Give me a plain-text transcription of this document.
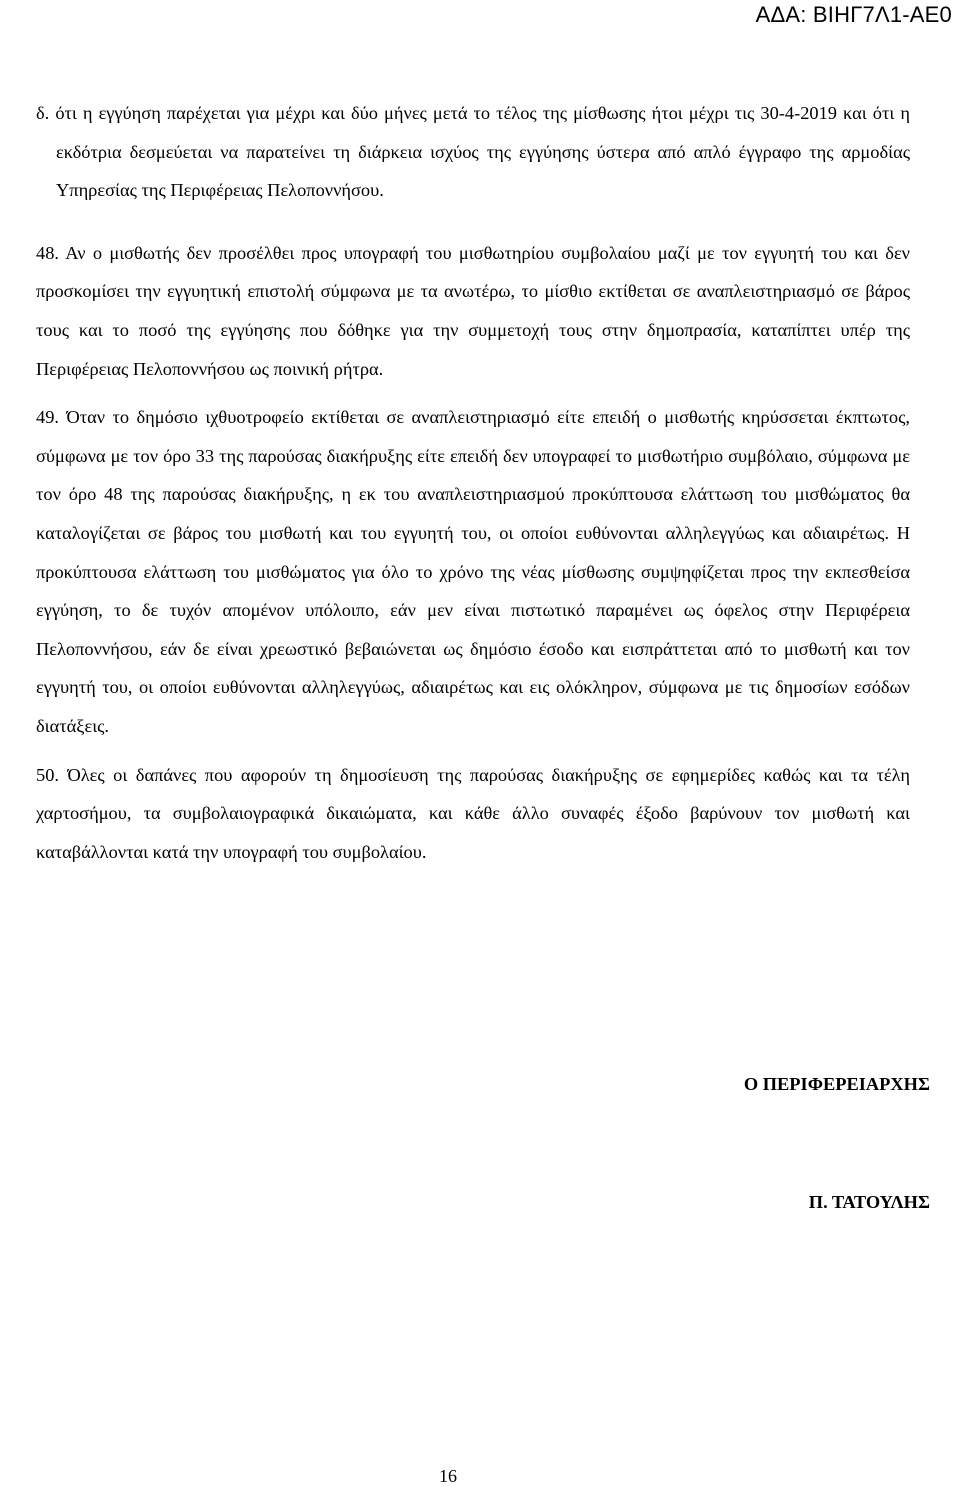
ΑΔΑ: ΒΙΗΓ7Λ1-ΑΕ0

δ. ότι η εγγύηση παρέχεται για μέχρι και δύο μήνες μετά το τέλος της μίσθωσης ήτοι μέχρι τις 30-4-2019 και ότι η εκδότρια δεσμεύεται να παρατείνει τη διάρκεια ισχύος της εγγύησης ύστερα από απλό έγγραφο της αρμοδίας Υπηρεσίας της Περιφέρειας Πελοποννήσου.

48. Αν ο μισθωτής δεν προσέλθει προς υπογραφή του μισθωτηρίου συμβολαίου μαζί με τον εγγυητή του και δεν προσκομίσει την εγγυητική επιστολή σύμφωνα με τα ανωτέρω, το μίσθιο εκτίθεται σε αναπλειστηριασμό σε βάρος τους και το ποσό της εγγύησης που δόθηκε για την συμμετοχή τους στην δημοπρασία, καταπίπτει υπέρ της Περιφέρειας Πελοποννήσου ως ποινική ρήτρα.

49. Όταν το δημόσιο ιχθυοτροφείο εκτίθεται σε αναπλειστηριασμό είτε επειδή ο μισθωτής κηρύσσεται έκπτωτος, σύμφωνα με τον όρο 33 της παρούσας διακήρυξης είτε επειδή δεν υπογραφεί το μισθωτήριο συμβόλαιο, σύμφωνα με τον όρο 48 της παρούσας διακήρυξης, η εκ του αναπλειστηριασμού προκύπτουσα ελάττωση του μισθώματος θα καταλογίζεται σε βάρος του μισθωτή και του εγγυητή του, οι οποίοι ευθύνονται αλληλεγγύως και αδιαιρέτως. Η προκύπτουσα ελάττωση του μισθώματος για όλο το χρόνο της νέας μίσθωσης συμψηφίζεται προς την εκπεσθείσα εγγύηση, το δε τυχόν απομένον υπόλοιπο, εάν μεν είναι πιστωτικό παραμένει ως όφελος στην Περιφέρεια Πελοποννήσου, εάν δε είναι χρεωστικό βεβαιώνεται ως δημόσιο έσοδο και εισπράττεται από το μισθωτή και τον εγγυητή του, οι οποίοι ευθύνονται αλληλεγγύως, αδιαιρέτως και εις ολόκληρον, σύμφωνα με τις δημοσίων εσόδων διατάξεις.

50. Όλες οι δαπάνες που αφορούν τη δημοσίευση της παρούσας διακήρυξης σε εφημερίδες καθώς και τα τέλη χαρτοσήμου, τα συμβολαιογραφικά δικαιώματα, και κάθε άλλο συναφές έξοδο βαρύνουν τον μισθωτή και καταβάλλονται κατά την υπογραφή του συμβολαίου.

Ο ΠΕΡΙΦΕΡΕΙΑΡΧΗΣ
Π. ΤΑΤΟΥΛΗΣ
16
